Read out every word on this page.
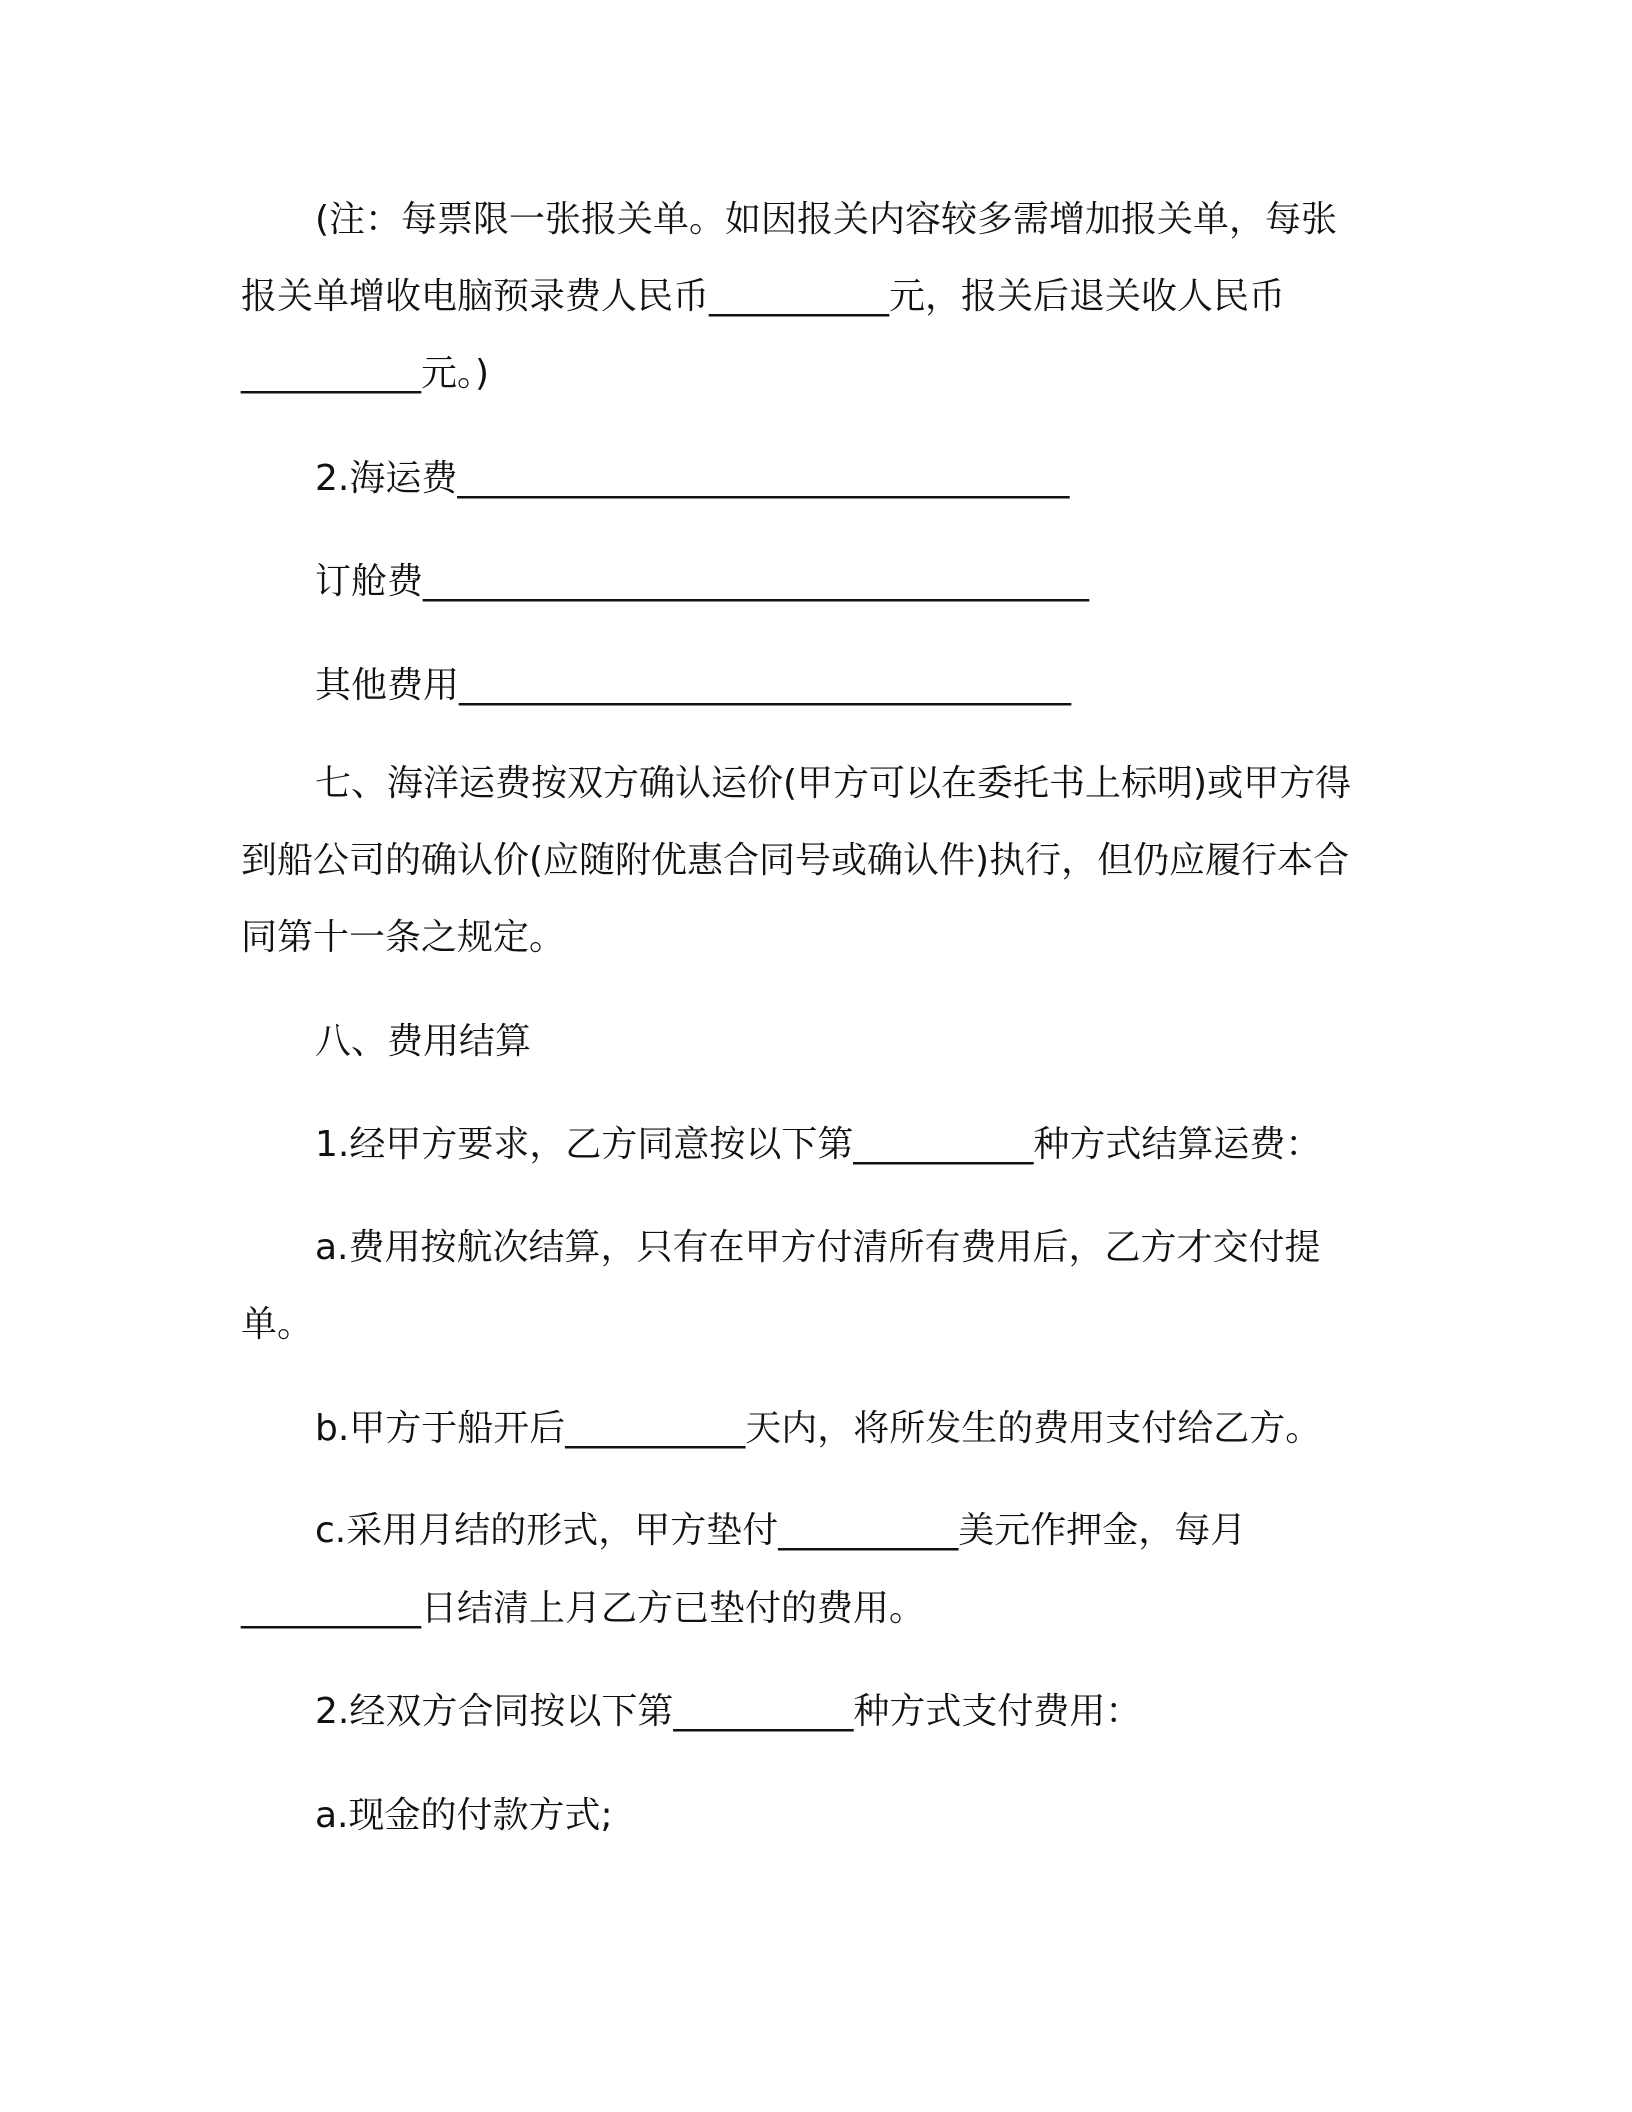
(注：每票限一张报关单。如因报关内容较多需增加报关单，每张
报关单增收电脑预录费人民币__________元，报关后退关收人民币
__________元。)
2.海运费__________________________________
订舱费_____________________________________
其他费用__________________________________
七、海洋运费按双方确认运价(甲方可以在委托书上标明)或甲方得
到船公司的确认价(应随附优惠合同号或确认件)执行，但仍应履行本合
同第十一条之规定。
八、费用结算
1.经甲方要求，乙方同意按以下第__________种方式结算运费：
a.费用按航次结算，只有在甲方付清所有费用后，乙方才交付提
单。
b.甲方于船开后__________天内，将所发生的费用支付给乙方。
c.采用月结的形式，甲方垫付__________美元作押金，每月
__________日结清上月乙方已垫付的费用。
2.经双方合同按以下第__________种方式支付费用：
a.现金的付款方式;
